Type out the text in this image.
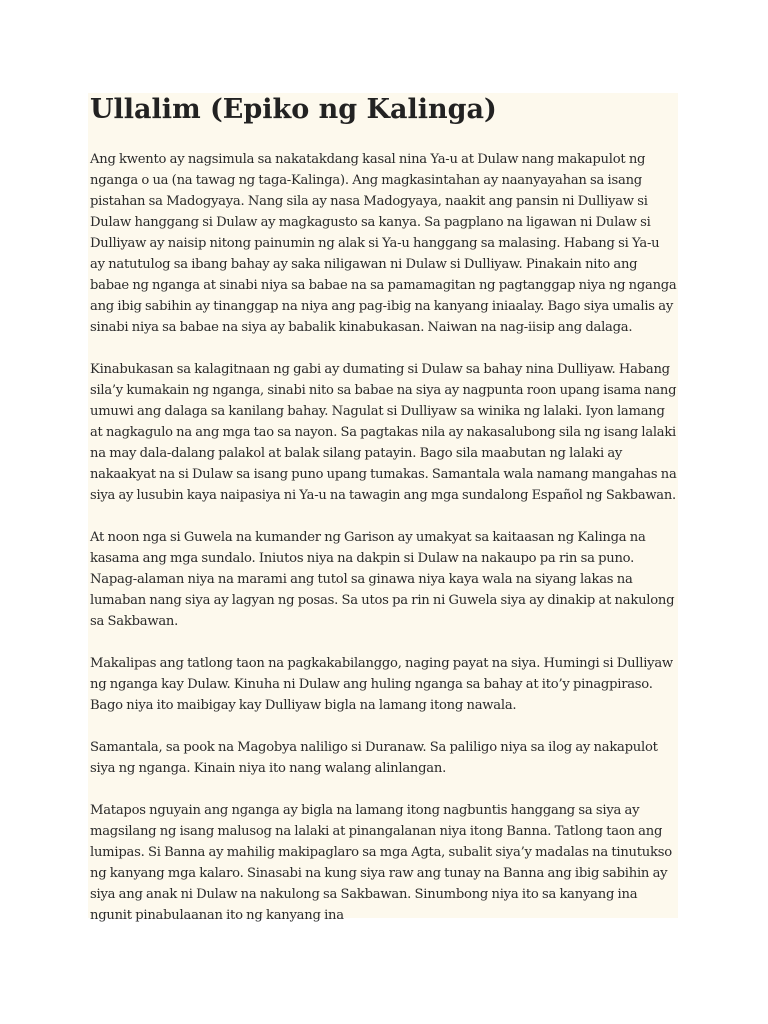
Ullalim (Epiko ng Kalinga)

Ang kwento ay nagsimula sa nakatakdang kasal nina Ya-u at Dulaw nang makapulot ng
nganga o ua (na tawag ng taga-Kalinga). Ang magkasintahan ay naanyayahan sa isang
pistahan sa Madogyaya. Nang sila ay nasa Madogyaya, naakit ang pansin ni Dulliyaw si
Dulaw hanggang si Dulaw ay magkagusto sa kanya. Sa pagplano na ligawan ni Dulaw si
Dulliyaw ay naisip nitong painumin ng alak si Ya-u hanggang sa malasing. Habang si Ya-u
ay natutulog sa ibang bahay ay saka niligawan ni Dulaw si Dulliyaw. Pinakain nito ang
babae ng nganga at sinabi niya sa babae na sa pamamagitan ng pagtanggap niya ng nganga
ang ibig sabihin ay tinanggap na niya ang pag-ibig na kanyang iniaalay. Bago siya umalis ay
sinabi niya sa babae na siya ay babalik kinabukasan. Naiwan na nag-iisip ang dalaga.

Kinabukasan sa kalagitnaan ng gabi ay dumating si Dulaw sa bahay nina Dulliyaw. Habang
sila’y kumakain ng nganga, sinabi nito sa babae na siya ay nagpunta roon upang isama nang
umuwi ang dalaga sa kanilang bahay. Nagulat si Dulliyaw sa winika ng lalaki. Iyon lamang
at nagkagulo na ang mga tao sa nayon. Sa pagtakas nila ay nakasalubong sila ng isang lalaki
na may dala-dalang palakol at balak silang patayin. Bago sila maabutan ng lalaki ay
nakaakyat na si Dulaw sa isang puno upang tumakas. Samantala wala namang mangahas na
siya ay lusubin kaya naipasiya ni Ya-u na tawagin ang mga sundalong Español ng Sakbawan.

At noon nga si Guwela na kumander ng Garison ay umakyat sa kaitaasan ng Kalinga na
kasama ang mga sundalo. Iniutos niya na dakpin si Dulaw na nakaupo pa rin sa puno.
Napag-alaman niya na marami ang tutol sa ginawa niya kaya wala na siyang lakas na
lumaban nang siya ay lagyan ng posas. Sa utos pa rin ni Guwela siya ay dinakip at nakulong
sa Sakbawan.

Makalipas ang tatlong taon na pagkakabilanggo, naging payat na siya. Humingi si Dulliyaw
ng nganga kay Dulaw. Kinuha ni Dulaw ang huling nganga sa bahay at ito’y pinagpiraso.
Bago niya ito maibigay kay Dulliyaw bigla na lamang itong nawala.

Samantala, sa pook na Magobya naliligo si Duranaw. Sa paliligo niya sa ilog ay nakapulot
siya ng nganga. Kinain niya ito nang walang alinlangan.

Matapos nguyain ang nganga ay bigla na lamang itong nagbuntis hanggang sa siya ay
magsilang ng isang malusog na lalaki at pinangalanan niya itong Banna. Tatlong taon ang
lumipas. Si Banna ay mahilig makipaglaro sa mga Agta, subalit siya’y madalas na tinutukso
ng kanyang mga kalaro. Sinasabi na kung siya raw ang tunay na Banna ang ibig sabihin ay
siya ang anak ni Dulaw na nakulong sa Sakbawan. Sinumbong niya ito sa kanyang ina
ngunit pinabulaanan ito ng kanyang ina
